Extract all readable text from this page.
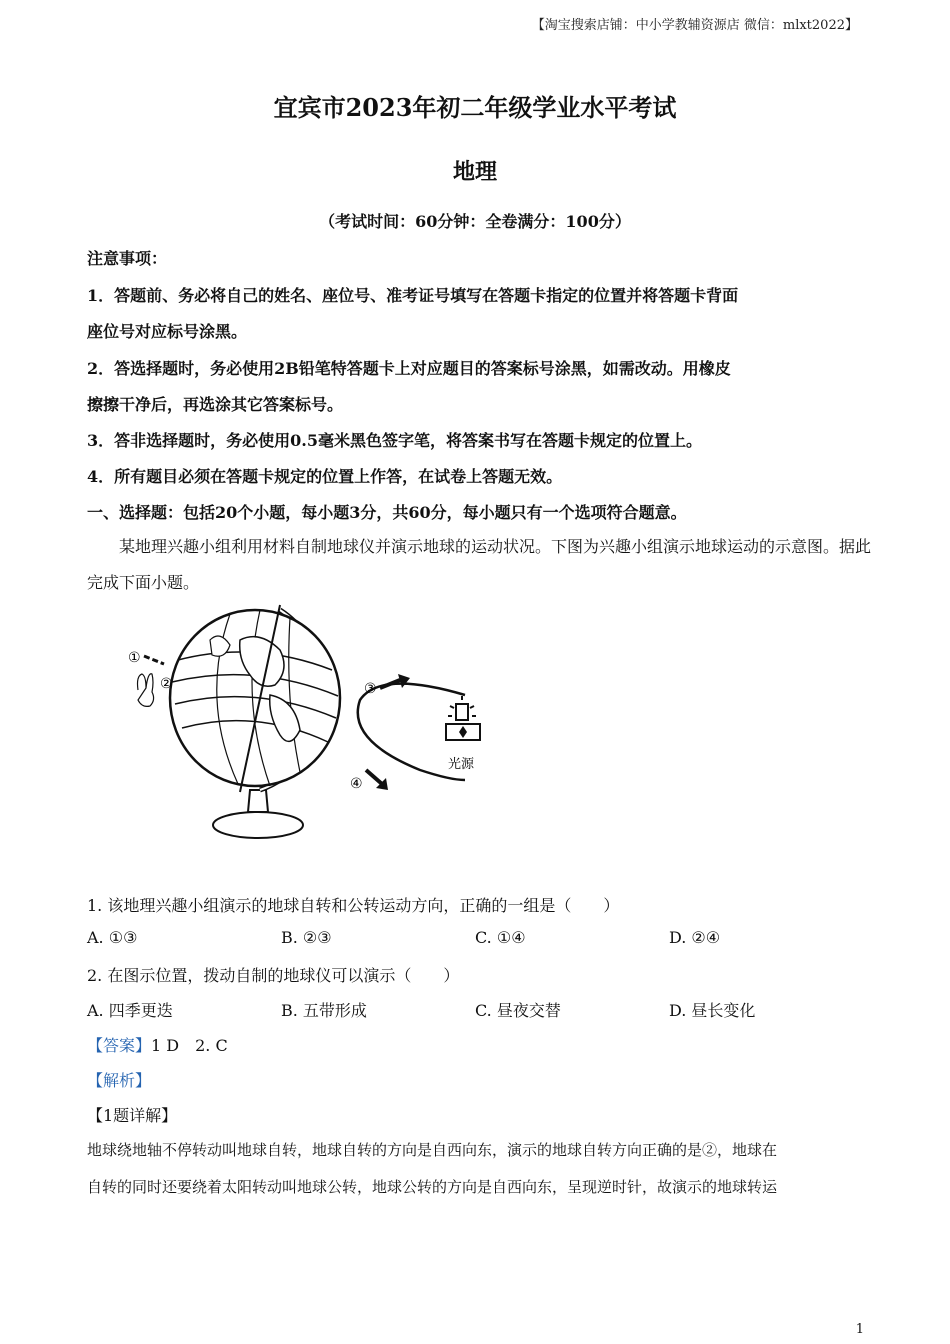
【淘宝搜索店铺：中小学教辅资源店 微信：mlxt2022】
宜宾市2023年初二年级学业水平考试
地理
（考试时间：60分钟：全卷满分：100分）
注意事项：
1．答题前、务必将自己的姓名、座位号、准考证号填写在答题卡指定的位置并将答题卡背面
座位号对应标号涂黑。
2．答选择题时，务必使用2B铅笔特答题卡上对应题目的答案标号涂黑，如需改动。用橡皮
擦擦干净后，再选涂其它答案标号。
3．答非选择题时，务必使用0.5毫米黑色签字笔，将答案书写在答题卡规定的位置上。
4．所有题目必须在答题卡规定的位置上作答，在试卷上答题无效。
一、选择题：包括20个小题，每小题3分，共60分，每小题只有一个选项符合题意。
某地理兴趣小组利用材料自制地球仪并演示地球的运动状况。下图为兴趣小组演示地球运动的示意图。据此完成下面小题。
①
②	③
④
光源
1. 该地理兴趣小组演示的地球自转和公转运动方向，正确的一组是（　　）
A. ①③	B. ②③	C. ①④	D. ②④
2. 在图示位置，拨动自制的地球仪可以演示（　　）
A. 四季更迭	B. 五带形成	C. 昼夜交替	D. 昼长变化
【答案】1 D　2. C
【解析】
【1题详解】
地球绕地轴不停转动叫地球自转，地球自转的方向是自西向东，演示的地球自转方向正确的是②，地球在
自转的同时还要绕着太阳转动叫地球公转，地球公转的方向是自西向东，呈现逆时针，故演示的地球转运
1
